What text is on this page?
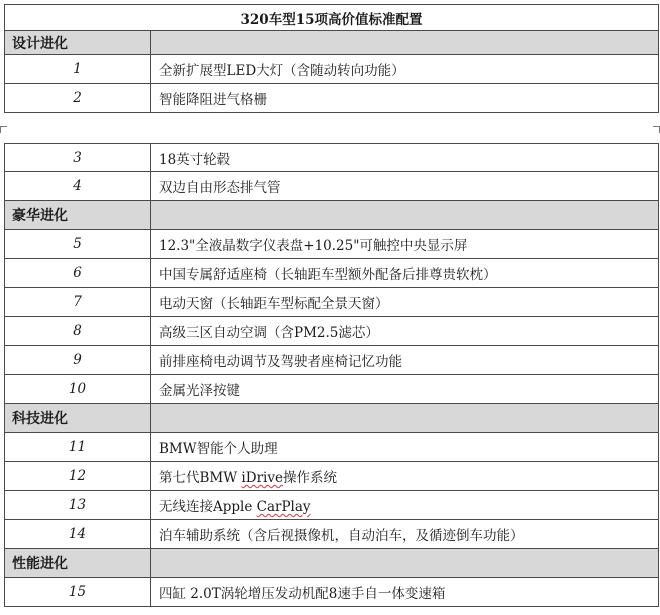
320车型15项高价值标准配置	
设计进化	
1	全新扩展型LED大灯（含随动转向功能）
2	智能降阻进气格栅
3	18英寸轮毂
4	双边自由形态排气管
豪华进化	
5	12.3"全液晶数字仪表盘+10.25"可触控中央显示屏
6	中国专属舒适座椅（长轴距车型额外配备后排尊贵软枕）
7	电动天窗（长轴距车型标配全景天窗）
8	高级三区自动空调（含PM2.5滤芯）
9	前排座椅电动调节及驾驶者座椅记忆功能
10	金属光泽按键
科技进化	
11	BMW智能个人助理
12	第七代BMW iDrive操作系统
13	无线连接Apple CarPlay
14	泊车辅助系统（含后视摄像机，自动泊车，及循迹倒车功能）
性能进化	
15	四缸 2.0T涡轮增压发动机配8速手自一体变速箱
